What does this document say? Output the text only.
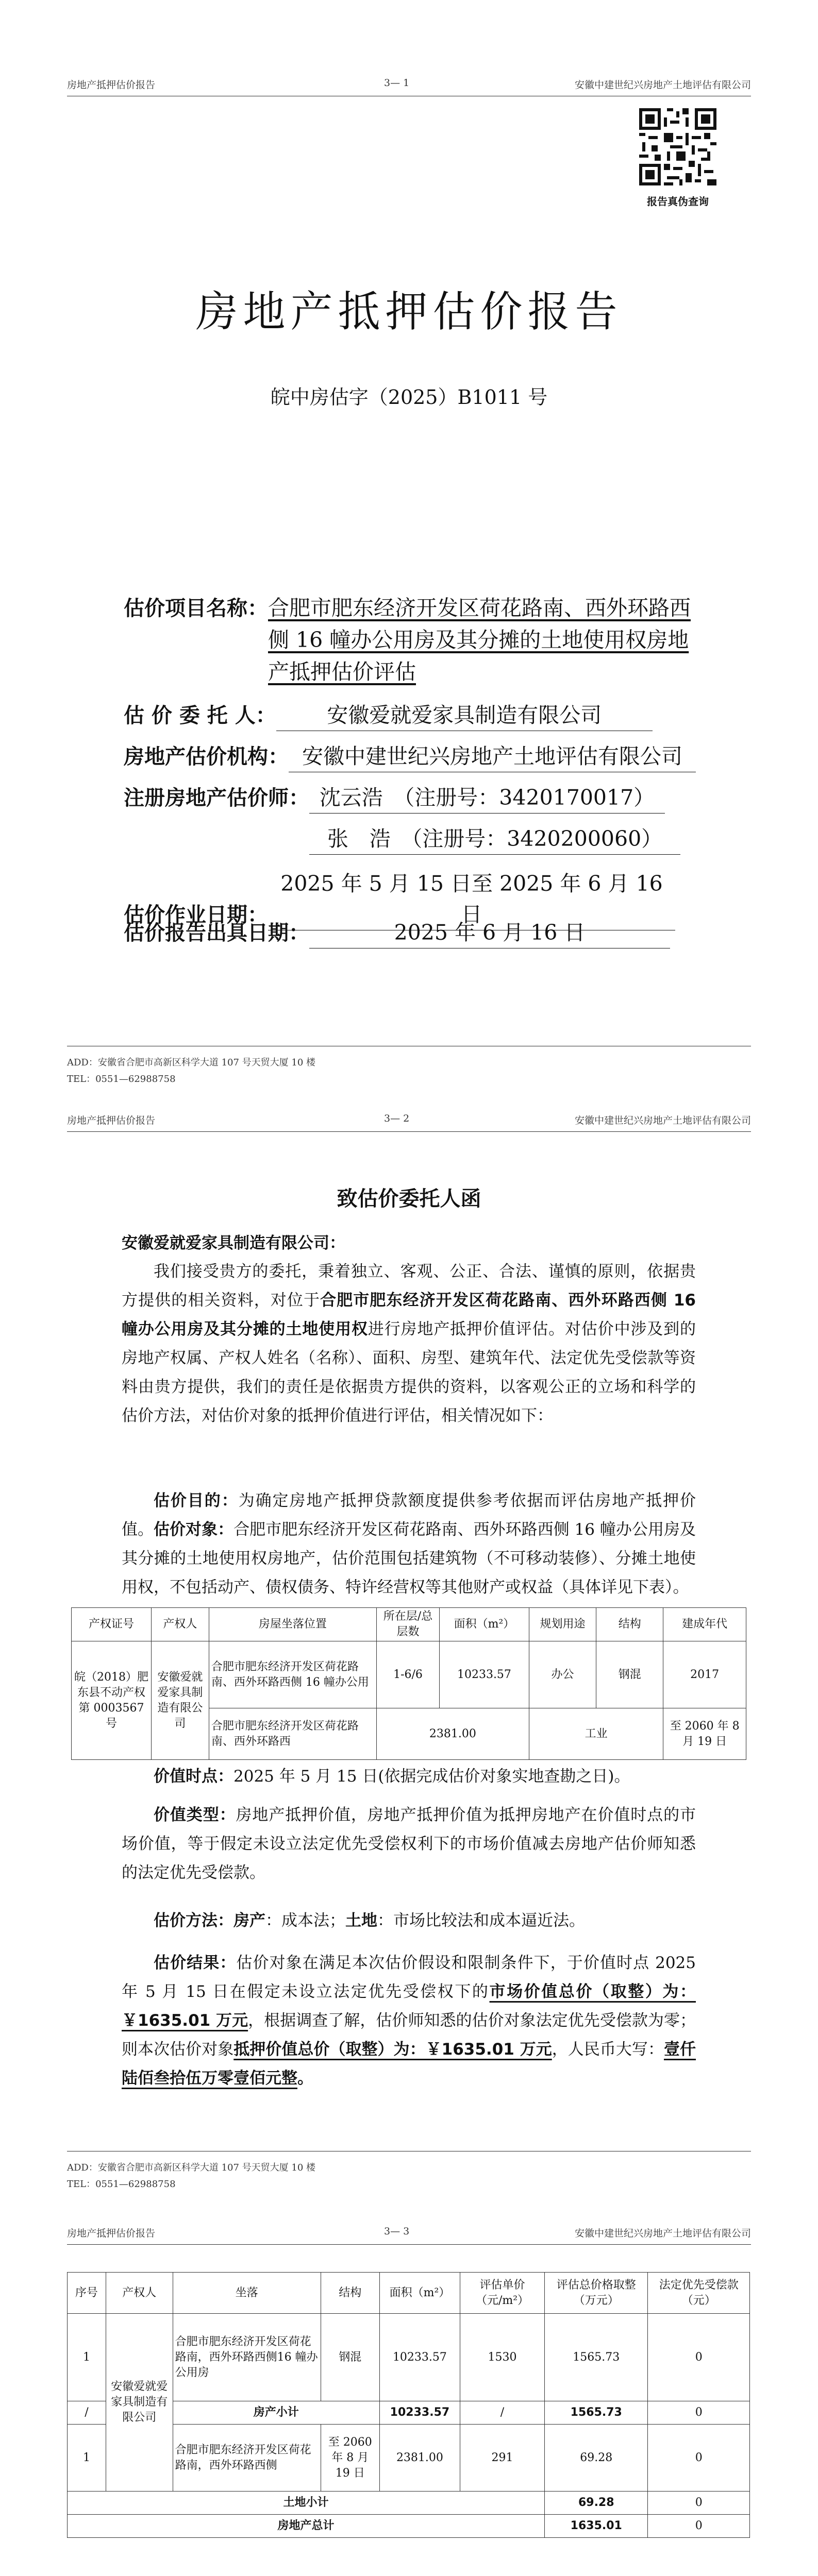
房地产抵押估价报告	3— 1	安徽中建世纪兴房地产土地评估有限公司
报告真伪查询
房地产抵押估价报告
皖中房估字（2025）B1011 号
估价项目名称：合肥市肥东经济开发区荷花路南、西外环路西
侧 16 幢办公用房及其分摊的土地使用权房地
产抵押估价评估
估 价 委 托 人： 安徽爱就爱家具制造有限公司
房地产估价机构： 安徽中建世纪兴房地产土地评估有限公司
注册房地产估价师： 沈云浩　（注册号：3420170017）
张　浩　（注册号：3420200060）
估价作业日期：2025 年 5 月 15 日至 2025 年 6 月 16 日
估价报告出具日期：	2025 年 6 月 16 日
ADD：安徽省合肥市高新区科学大道 107 号天贸大厦 10 楼
TEL：0551—62988758
房地产抵押估价报告	3— 2	安徽中建世纪兴房地产土地评估有限公司
致估价委托人函
安徽爱就爱家具制造有限公司：
我们接受贵方的委托，秉着独立、客观、公正、合法、谨慎的原则，依据贵方提供的相关资料，对位于合肥市肥东经济开发区荷花路南、西外环路西侧 16 幢办公用房及其分摊的土地使用权进行房地产抵押价值评估。对估价中涉及到的房地产权属、产权人姓名（名称）、面积、房型、建筑年代、法定优先受偿款等资料由贵方提供，我们的责任是依据贵方提供的资料，以客观公正的立场和科学的估价方法，对估价对象的抵押价值进行评估，相关情况如下：
估价目的：为确定房地产抵押贷款额度提供参考依据而评估房地产抵押价值。 估价对象：合肥市肥东经济开发区荷花路南、西外环路西侧 16 幢办公用房及其分摊的土地使用权房地产，估价范围包括建筑物（不可移动装修）、分摊土地使用权，不包括动产、债权债务、特许经营权等其他财产或权益（具体详见下表）。
产权证号	产权人	房屋坐落位置	所在层/总层数	面积（m²）	规划用途	结构	建成年代
皖（2018）肥东县不动产权第 0003567 号	安徽爱就爱家具制造有限公司	合肥市肥东经济开发区荷花路南、西外环路西侧 16 幢办公用	1-6/6	10233.57	办公	钢混	2017
		合肥市肥东经济开发区荷花路南、西外环路西	2381.00		工业		至 2060 年 8 月 19 日
价值时点：2025 年 5 月 15 日(依据完成估价对象实地查勘之日)。
价值类型：房地产抵押价值，房地产抵押价值为抵押房地产在价值时点的市场价值，等于假定未设立法定优先受偿权利下的市场价值减去房地产估价师知悉的法定优先受偿款。
估价方法：房产：成本法；土地：市场比较法和成本逼近法。
估价结果：估价对象在满足本次估价假设和限制条件下，于价值时点 2025 年 5 月 15 日在假定未设立法定优先受偿权下的市场价值总价（取整）为：￥1635.01 万元，根据调查了解，估价师知悉的估价对象法定优先受偿款为零；则本次估价对象抵押价值总价（取整）为：￥1635.01 万元，人民币大写：壹仟陆佰叁拾伍万零壹佰元整。
ADD：安徽省合肥市高新区科学大道 107 号天贸大厦 10 楼
TEL：0551—62988758
房地产抵押估价报告	3— 3	安徽中建世纪兴房地产土地评估有限公司
序号	产权人	坐落	结构	面积（m²）	评估单价（元/m²）	评估总价格取整（万元）	法定优先受偿款（元）
1	安徽爱就爱家具制造有限公司	合肥市肥东经济开发区荷花路南，西外环路西侧16 幢办公用房	钢混	10233.57	1530	1565.73	0
/		房产小计		10233.57	/	1565.73	0
1		合肥市肥东经济开发区荷花路南，西外环路西侧	至 2060 年 8 月 19 日	2381.00	291	69.28	0
土地小计						69.28	0
房地产总计						1635.01	0
